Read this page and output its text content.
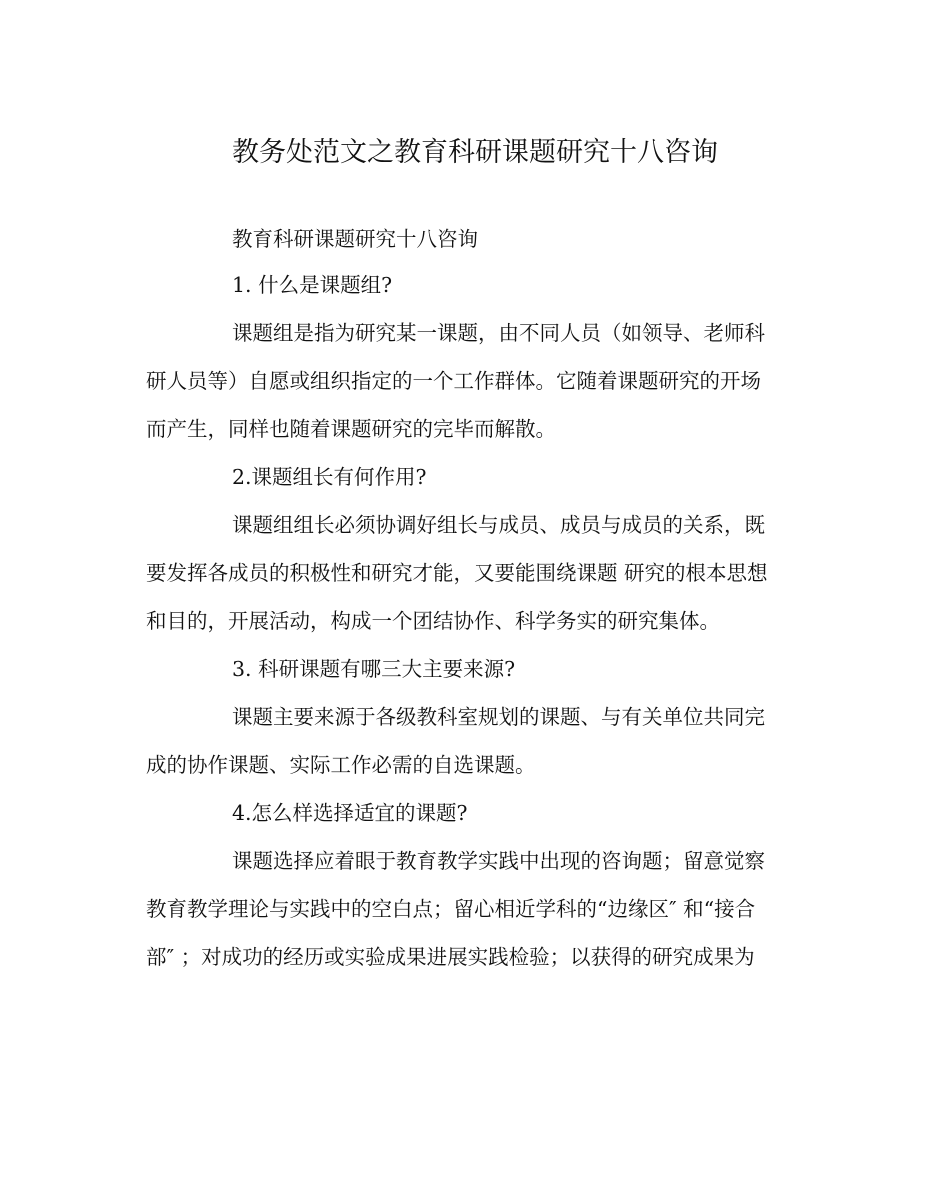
教务处范文之教育科研课题研究十八咨询
教育科研课题研究十八咨询
1. 什么是课题组?
课题组是指为研究某一课题，由不同人员（如领导、老师科
研人员等）自愿或组织指定的一个工作群体。它随着课题研究的开场
而产生，同样也随着课题研究的完毕而解散。
2.课题组长有何作用?
课题组组长必须协调好组长与成员、成员与成员的关系，既
要发挥各成员的积极性和研究才能，又要能围绕课题 研究的根本思想
和目的，开展活动，构成一个团结协作、科学务实的研究集体。
3. 科研课题有哪三大主要来源?
课题主要来源于各级教科室规划的课题、与有关单位共同完
成的协作课题、实际工作必需的自选课题。
4.怎么样选择适宜的课题?
课题选择应着眼于教育教学实践中出现的咨询题；留意觉察
教育教学理论与实践中的空白点；留心相近学科的“边缘区″ 和“接合
部″ ；对成功的经历或实验成果进展实践检验；以获得的研究成果为
